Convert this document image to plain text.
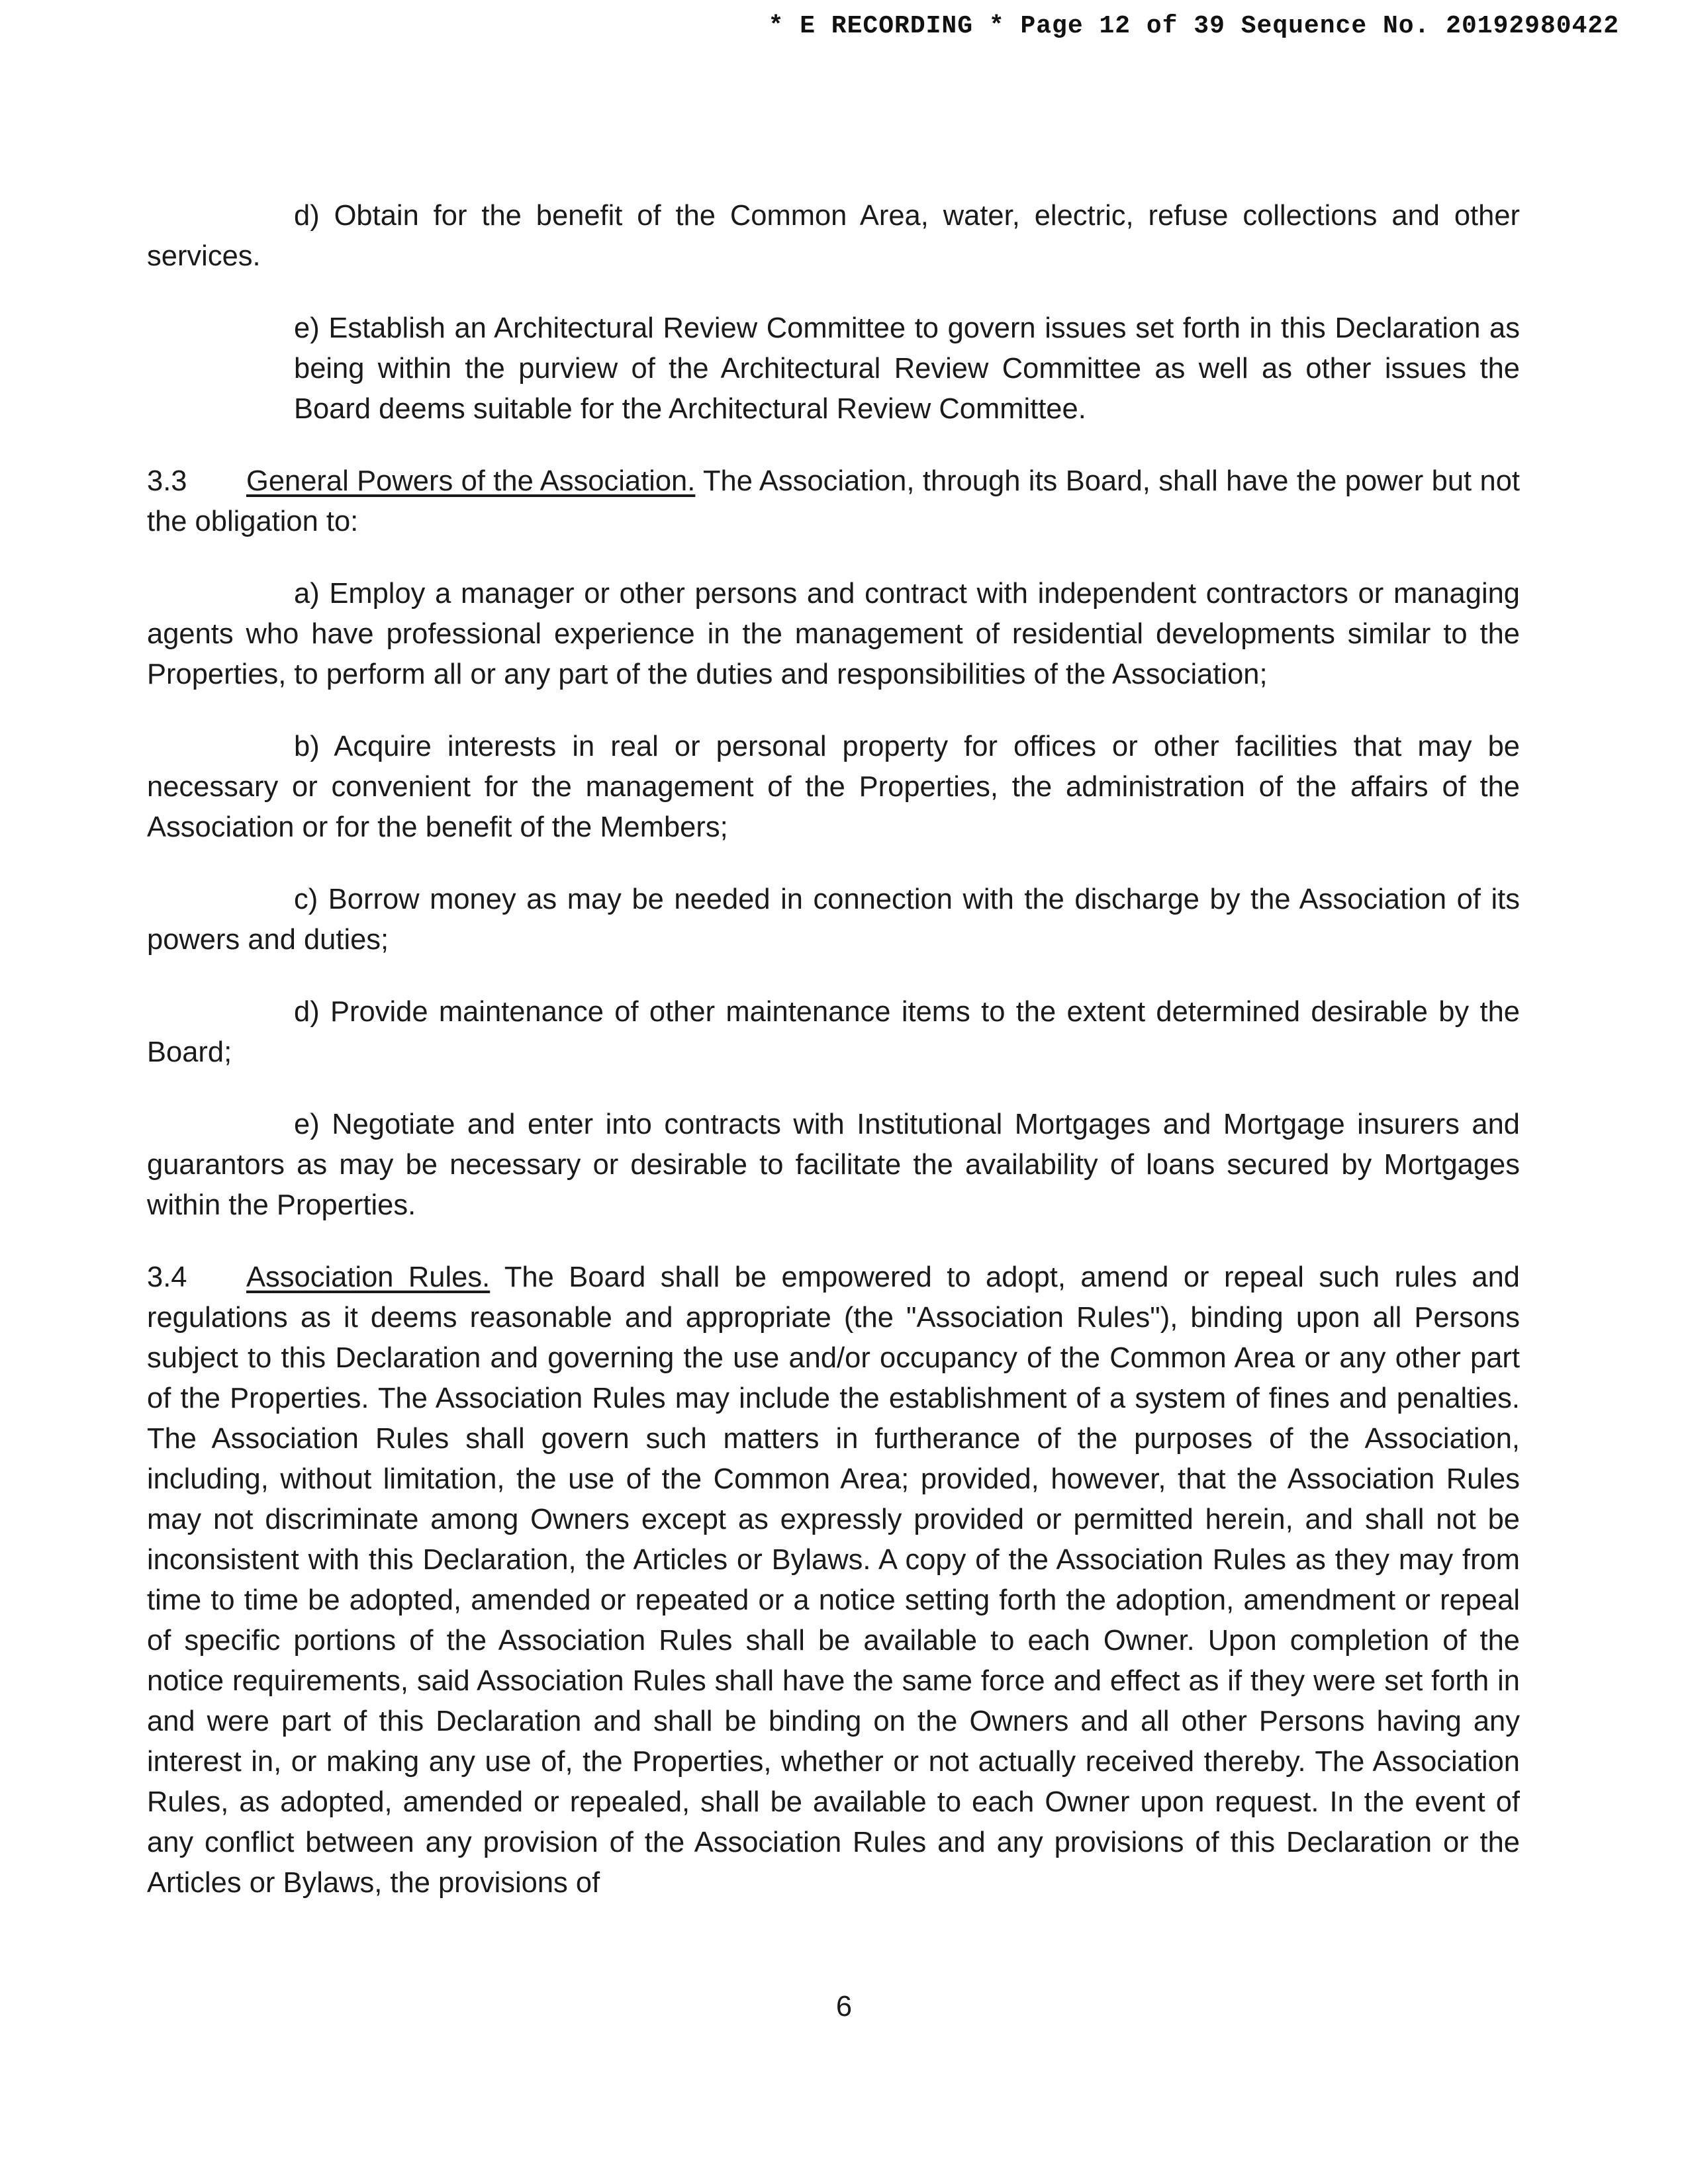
* E RECORDING * Page 12 of 39 Sequence No. 20192980422

d) Obtain for the benefit of the Common Area, water, electric, refuse collections and other services.

e) Establish an Architectural Review Committee to govern issues set forth in this Declaration as being within the purview of the Architectural Review Committee as well as other issues the Board deems suitable for the Architectural Review Committee.

3.3 General Powers of the Association. The Association, through its Board, shall have the power but not the obligation to:

a) Employ a manager or other persons and contract with independent contractors or managing agents who have professional experience in the management of residential developments similar to the Properties, to perform all or any part of the duties and responsibilities of the Association;

b) Acquire interests in real or personal property for offices or other facilities that may be necessary or convenient for the management of the Properties, the administration of the affairs of the Association or for the benefit of the Members;

c) Borrow money as may be needed in connection with the discharge by the Association of its powers and duties;

d) Provide maintenance of other maintenance items to the extent determined desirable by the Board;

e) Negotiate and enter into contracts with Institutional Mortgages and Mortgage insurers and guarantors as may be necessary or desirable to facilitate the availability of loans secured by Mortgages within the Properties.

3.4 Association Rules. The Board shall be empowered to adopt, amend or repeal such rules and regulations as it deems reasonable and appropriate (the "Association Rules"), binding upon all Persons subject to this Declaration and governing the use and/or occupancy of the Common Area or any other part of the Properties. The Association Rules may include the establishment of a system of fines and penalties. The Association Rules shall govern such matters in furtherance of the purposes of the Association, including, without limitation, the use of the Common Area; provided, however, that the Association Rules may not discriminate among Owners except as expressly provided or permitted herein, and shall not be inconsistent with this Declaration, the Articles or Bylaws. A copy of the Association Rules as they may from time to time be adopted, amended or repeated or a notice setting forth the adoption, amendment or repeal of specific portions of the Association Rules shall be available to each Owner. Upon completion of the notice requirements, said Association Rules shall have the same force and effect as if they were set forth in and were part of this Declaration and shall be binding on the Owners and all other Persons having any interest in, or making any use of, the Properties, whether or not actually received thereby. The Association Rules, as adopted, amended or repealed, shall be available to each Owner upon request. In the event of any conflict between any provision of the Association Rules and any provisions of this Declaration or the Articles or Bylaws, the provisions of

6
